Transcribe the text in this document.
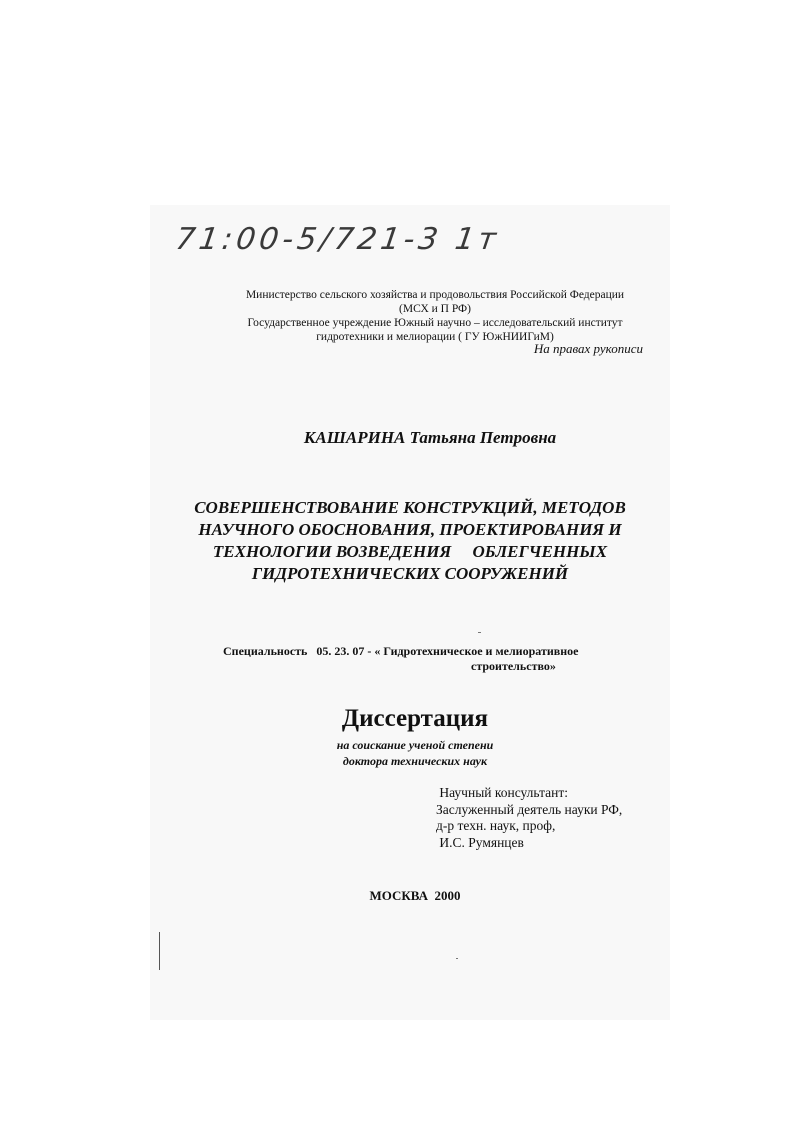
71:00-5/721-3 1т
Министерство сельского хозяйства и продовольствия Российской Федерации
(МСХ и П РФ)
Государственное учреждение Южный научно – исследовательский институт
гидротехники и мелиорации ( ГУ ЮжНИИГиМ)
На правах рукописи
КАШАРИНА Татьяна Петровна
СОВЕРШЕНСТВОВАНИЕ КОНСТРУКЦИЙ, МЕТОДОВ
НАУЧНОГО ОБОСНОВАНИЯ, ПРОЕКТИРОВАНИЯ И
ТЕХНОЛОГИИ ВОЗВЕДЕНИЯ     ОБЛЕГЧЕННЫХ
ГИДРОТЕХНИЧЕСКИХ СООРУЖЕНИЙ
Специальность   05. 23. 07 - « Гидротехническое и мелиоративное
строительство»
Диссертация
на соискание ученой степени
доктора технических наук
Научный консультант:
Заслуженный деятель науки РФ,
д-р техн. наук, проф,
И.С. Румянцев
МОСКВА  2000
